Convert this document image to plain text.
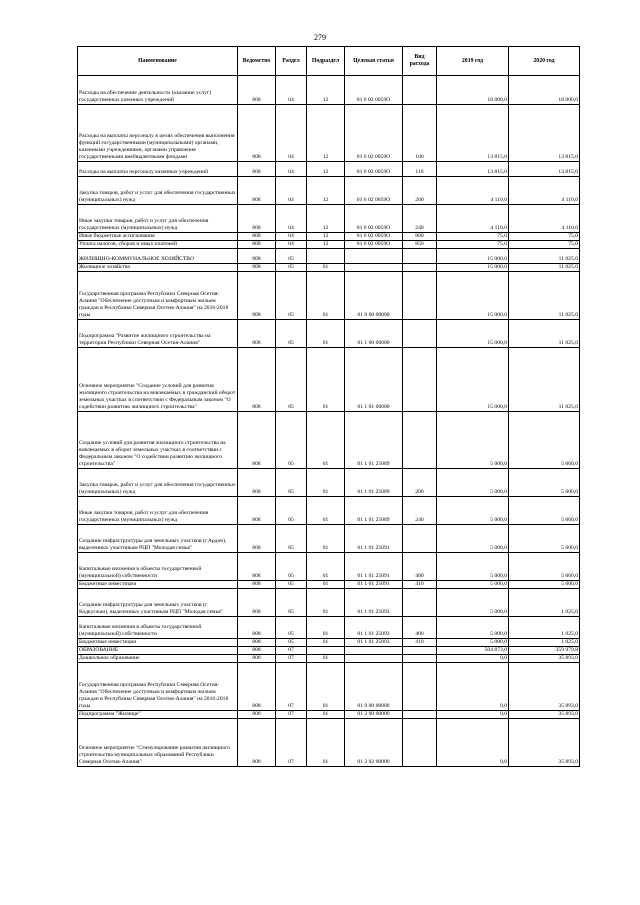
279
Наименование	Ведомство	Раздел	Подраздел	Целевая статья	Вид расхода	2019 год	2020 год
Расходы на обеспечение деятельности (оказание услуг) государственных казенных учреждений	808	04	12	01 6 02 0059О		18 000,0	18 000,0
Расходы на выплаты персоналу в целях обеспечения выполнения функций государственными (муниципальными) органами, казенными учреждениями, органами управления государственными внебюджетными фондами	808	04	12	01 6 02 0059О	100	13 815,0	13 815,0
Расходы на выплаты персоналу казенных учреждений	808	04	12	01 6 02 0059О	110	13 815,0	13 815,0
Закупка товаров, работ и услуг для обеспечения государственных (муниципальных) нужд	808	04	12	01 6 02 0059О	200	4 110,0	4 110,0
Иные закупки товаров, работ и услуг для обеспечения государственных (муниципальных) нужд	808	04	12	01 6 02 0059О	240	4 110,0	4 110,0
Иные бюджетные ассигнования	808	04	12	01 6 02 0059О	800	75,0	75,0
Уплата налогов, сборов и иных платежей	808	04	12	01 6 02 0059О	850	75,0	75,0
ЖИЛИЩНО-КОММУНАЛЬНОЕ ХОЗЯЙСТВО	808	05				15 000,0	11 025,0
Жилищное хозяйство	808	05	01			15 000,0	11 025,0
Государственная программа Республики Северная Осетия-Алания "Обеспечение доступным и комфортным жильем граждан в Республике Северная Осетия-Алания" на 2016-2018 годы	808	05	01	01 0 00 00000		15 000,0	11 025,0
Подпрограмма "Развитие жилищного строительства на территории Республики Северная Осетия-Алания"	808	05	01	01 1 00 00000		15 000,0	11 025,0
Основное мероприятие "Создание условий для развития жилищного строительства на вовлекаемых в гражданский оборот земельных участках в соответствии с Федеральным законом "О содействии развитию жилищного строительства"	808	05	01	01 1 01 00000		15 000,0	11 025,0
Создание условий для развития жилищного строительства на вовлекаемых в оборот земельных участках в соответствии с Федеральным законом "О содействии развитию жилищного строительства"	808	05	01	01 1 01 25089		5 000,0	5 000,0
Закупка товаров, работ и услуг для обеспечения государственных (муниципальных) нужд	808	05	01	01 1 01 25089	200	5 000,0	5 000,0
Иные закупки товаров, работ и услуг для обеспечения государственных (муниципальных) нужд	808	05	01	01 1 01 25089	240	5 000,0	5 000,0
Создание инфраструктуры для земельных участков (г.Ардон), выделенных участникам РЦП "Молодая семья"	808	05	01	01 1 01 25091		5 000,0	5 000,0
Капитальные вложения в объекты государственной (муниципальной) собственности	808	05	01	01 1 01 25091	400	5 000,0	5 000,0
Бюджетные инвестиции	808	05	01	01 1 01 25091	410	5 000,0	5 000,0
Создание инфраструктуры для земельных участков (г. Кодкусжан), выделенных участникам РЦП "Молодая семья"	808	05	01	01 1 01 25093		5 000,0	1 025,0
Капитальные вложения в объекты государственной (муниципальной) собственности	808	05	01	01 1 01 25093	400	5 000,0	1 025,0
Бюджетные инвестиции	808	05	01	01 1 01 25093	410	5 000,0	1 025,0
ОБРАЗОВАНИЕ	808	07				504 873,0	359 979,8
Дошкольное образование	808	07	01			0,0	35 893,0
Государственная программа Республики Северная Осетия-Алания "Обеспечение доступным и комфортным жильем граждан в Республике Северная Осетия-Алания" на 2016-2018 годы	808	07	01	01 0 00 00000		0,0	35 893,0
Подпрограмма "Жилище"	808	07	01	01 2 00 00000		0,0	35 893,0
Основное мероприятие "Стимулирование развития жилищного строительства муниципальных образований Республики Северная Осетия-Алания"	808	07	01	01 2 02 00000		0,0	35 893,0
